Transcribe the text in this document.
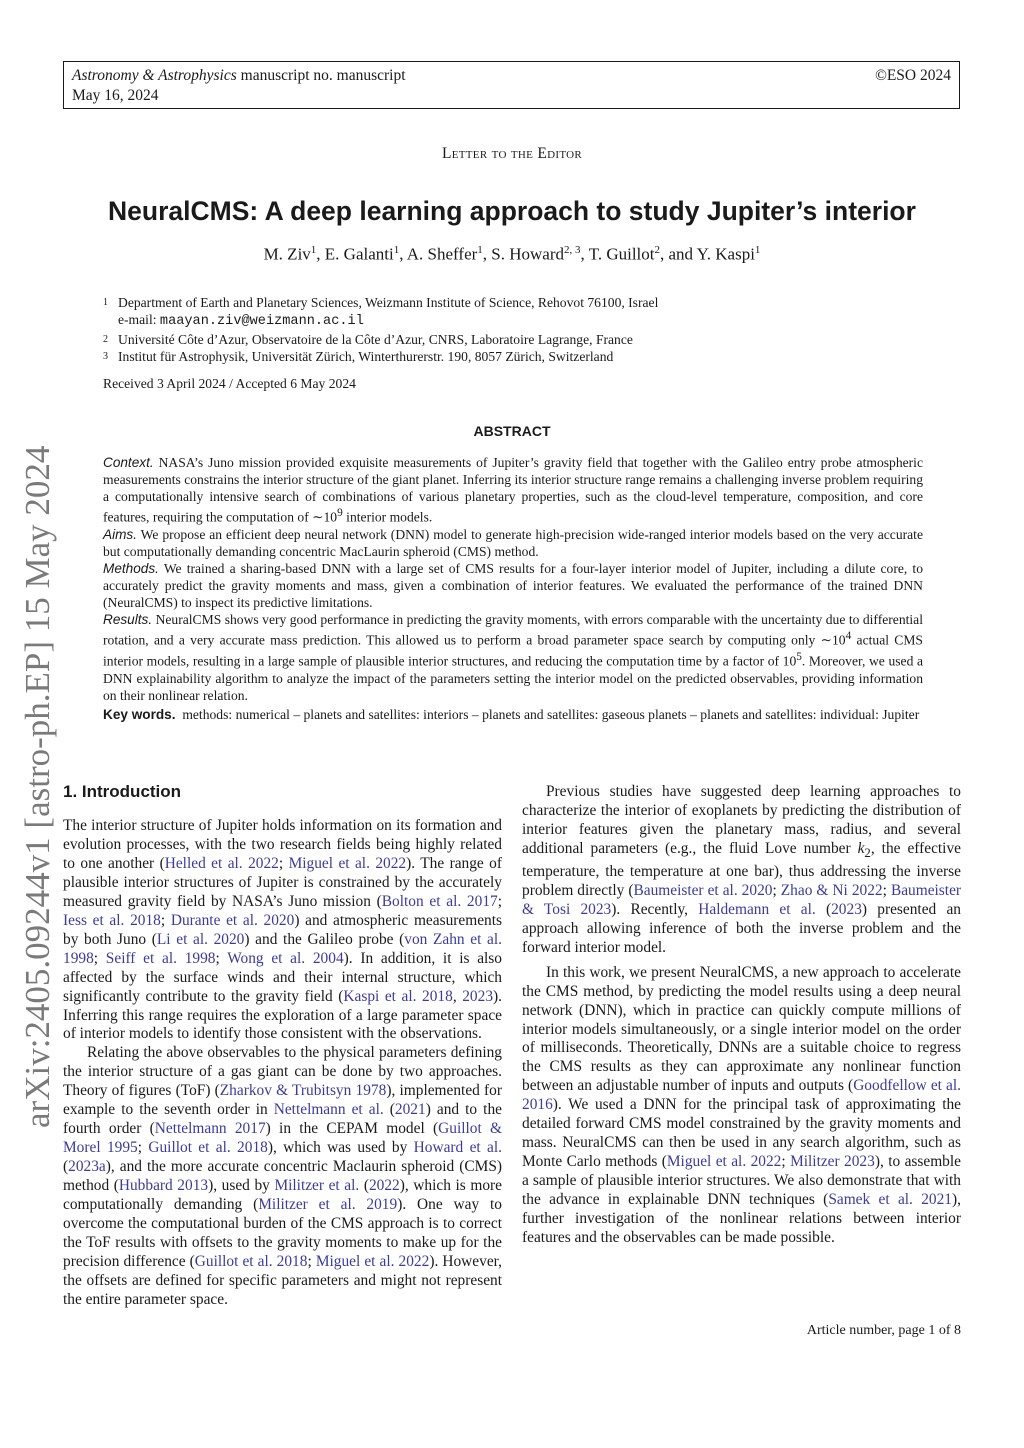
Astronomy & Astrophysics manuscript no. manuscript
May 16, 2024
©ESO 2024
Letter to the Editor
NeuralCMS: A deep learning approach to study Jupiter’s interior
M. Ziv$^1$, E. Galanti$^1$, A. Sheffer$^1$, S. Howard$^{2, 3}$, T. Guillot$^2$, and Y. Kaspi$^1$
1 Department of Earth and Planetary Sciences, Weizmann Institute of Science, Rehovot 76100, Israel
e-mail: maayan.ziv@weizmann.ac.il
2 Université Côte d’Azur, Observatoire de la Côte d’Azur, CNRS, Laboratoire Lagrange, France
3 Institut für Astrophysik, Universität Zürich, Winterthurerstr. 190, 8057 Zürich, Switzerland
Received 3 April 2024 / Accepted 6 May 2024
ABSTRACT

Context. NASA’s Juno mission provided exquisite measurements of Jupiter’s gravity field that together with the Galileo entry probe atmospheric measurements constrains the interior structure of the giant planet. Inferring its interior structure range remains a challenging inverse problem requiring a computationally intensive search of combinations of various planetary properties, such as the cloud-level temperature, composition, and core features, requiring the computation of $\sim 10^9$ interior models.

Aims. We propose an efficient deep neural network (DNN) model to generate high-precision wide-ranged interior models based on the very accurate but computationally demanding concentric MacLaurin spheroid (CMS) method.

Methods. We trained a sharing-based DNN with a large set of CMS results for a four-layer interior model of Jupiter, including a dilute core, to accurately predict the gravity moments and mass, given a combination of interior features. We evaluated the performance of the trained DNN (NeuralCMS) to inspect its predictive limitations.

Results. NeuralCMS shows very good performance in predicting the gravity moments, with errors comparable with the uncertainty due to differential rotation, and a very accurate mass prediction. This allowed us to perform a broad parameter space search by computing only $\sim 10^4$ actual CMS interior models, resulting in a large sample of plausible interior structures, and reducing the computation time by a factor of $10^5$. Moreover, we used a DNN explainability algorithm to analyze the impact of the parameters setting the interior model on the predicted observables, providing information on their nonlinear relation.

Key words. methods: numerical – planets and satellites: interiors – planets and satellites: gaseous planets – planets and satellites: individual: Jupiter
arXiv:2405.09244v1 [astro-ph.EP] 15 May 2024 1. Introduction

The interior structure of Jupiter holds information on its formation and evolution processes, with the two research fields being highly related to one another (Helled et al. 2022; Miguel et al. 2022). The range of plausible interior structures of Jupiter is constrained by the accurately measured gravity field by NASA’s Juno mission (Bolton et al. 2017; Iess et al. 2018; Durante et al. 2020) and atmospheric measurements by both Juno (Li et al. 2020) and the Galileo probe (von Zahn et al. 1998; Seiff et al. 1998; Wong et al. 2004). In addition, it is also affected by the surface winds and their internal structure, which significantly contribute to the gravity field (Kaspi et al. 2018, 2023). Inferring this range requires the exploration of a large parameter space of interior models to identify those consistent with the observations.

Relating the above observables to the physical parameters defining the interior structure of a gas giant can be done by two approaches. Theory of figures (ToF) (Zharkov & Trubitsyn 1978), implemented for example to the seventh order in Nettelmann et al. (2021) and to the fourth order (Nettelmann 2017) in the CEPAM model (Guillot & Morel 1995; Guillot et al. 2018), which was used by Howard et al. (2023a), and the more accurate concentric Maclaurin spheroid (CMS) method (Hubbard 2013), used by Militzer et al. (2022), which is more computationally demanding (Militzer et al. 2019). One way to overcome the computational burden of the CMS approach is to correct the ToF results with offsets to the gravity moments to make up for the precision difference (Guillot et al. 2018; Miguel et al. 2022). However, the offsets are defined for specific parameters and might not represent the entire parameter space.

Previous studies have suggested deep learning approaches to characterize the interior of exoplanets by predicting the distribution of interior features given the planetary mass, radius, and several additional parameters (e.g., the fluid Love number $k_2$, the effective temperature, the temperature at one bar), thus addressing the inverse problem directly (Baumeister et al. 2020; Zhao & Ni 2022; Baumeister & Tosi 2023). Recently, Haldemann et al. (2023) presented an approach allowing inference of both the inverse problem and the forward interior model.

In this work, we present NeuralCMS, a new approach to accelerate the CMS method, by predicting the model results using a deep neural network (DNN), which in practice can quickly compute millions of interior models simultaneously, or a single interior model on the order of milliseconds. Theoretically, DNNs are a suitable choice to regress the CMS results as they can approximate any nonlinear function between an adjustable number of inputs and outputs (Goodfellow et al. 2016). We used a DNN for the principal task of approximating the detailed forward CMS model constrained by the gravity moments and mass. NeuralCMS can then be used in any search algorithm, such as Monte Carlo methods (Miguel et al. 2022; Militzer 2023), to assemble a sample of plausible interior structures. We also demonstrate that with the advance in explainable DNN techniques (Samek et al. 2021), further investigation of the nonlinear relations between interior features and the observables can be made possible.

Article number, page 1 of 8
